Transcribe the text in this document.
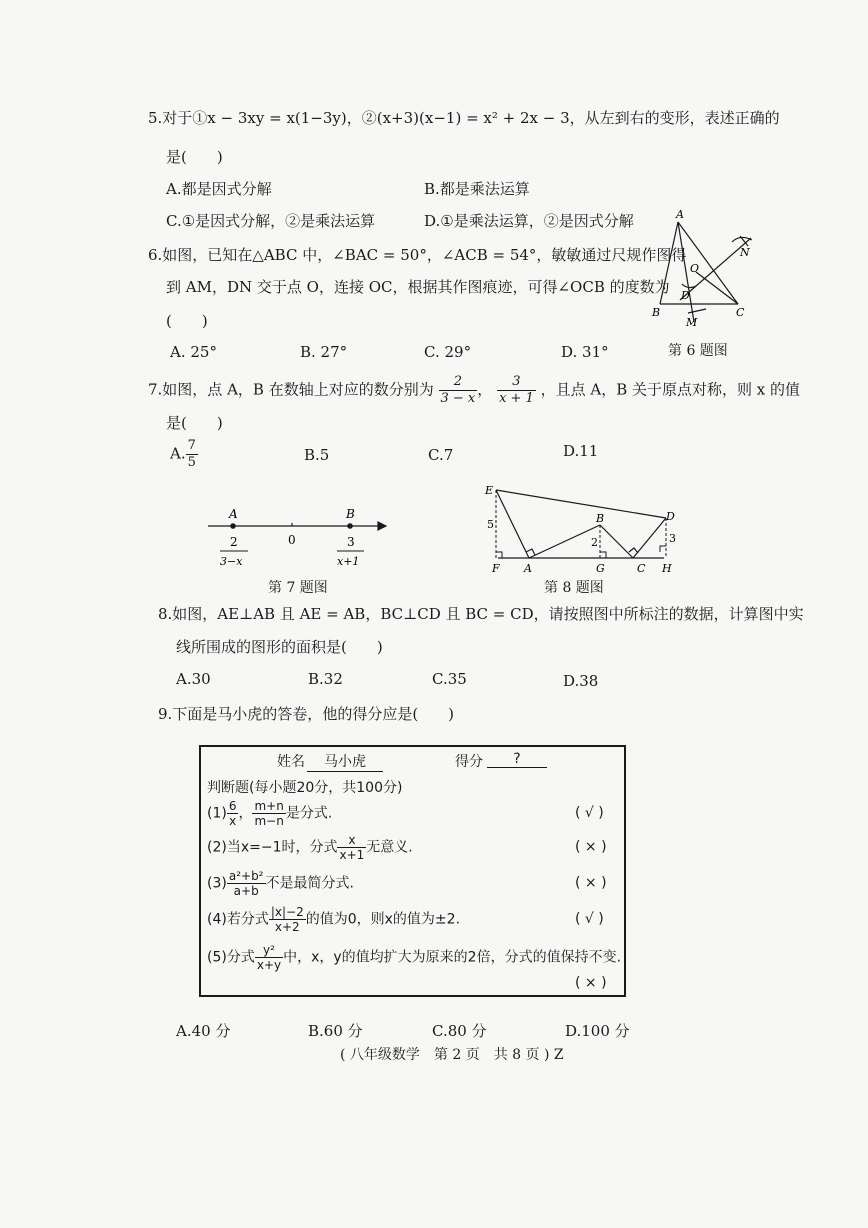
5.对于①x − 3xy = x(1−3y)，②(x+3)(x−1) = x² + 2x − 3，从左到右的变形，表述正确的
是(　　)
A.都是因式分解	B.都是乘法运算
C.①是因式分解，②是乘法运算	D.①是乘法运算，②是因式分解
6.如图，已知在△ABC 中，∠BAC = 50°，∠ACB = 54°，敏敏通过尺规作图得
到 AM，DN 交于点 O，连接 OC，根据其作图痕迹，可得∠OCB 的度数为
(　　)
A. 25°	B. 27°	C. 29°	D. 31°
A
B	C
D
O
M
N
第 6 题图
7.如图，点 A，B 在数轴上对应的数分别为 $\frac{2}{3 - x}$ ， $\frac{3}{x + 1}$ ，且点 A，B 关于原点对称，则 x 的值
是(　　)
A. $\frac{7}{5}$	B.5	C.7	D.11
A	B
0
2
3−x
3
x+1
第 7 题图
E
B	D
F A	G	C H
5
2	3
第 8 题图
8.如图，AE⊥AB 且 AE = AB，BC⊥CD 且 BC = CD，请按照图中所标注的数据，计算图中实
线所围成的图形的面积是(　　)
A.30	B.32	C.35	D.38
9.下面是马小虎的答卷，他的得分应是(　　)
姓名	马小虎	得分	?
判断题(每小题20分，共100分)
$(1) \frac{6}{x}$ ， $\frac{m+n}{m-n}$ 是分式.	( √ )
(2)当x=−1时，分式 $\frac{x}{x+1}$ 无意义.	( × )
$(3) \frac{\text{a²+b²}}{a+b}$ 不是最简分式.	( × )
(4)若分式 $\frac{|x|-2}{x+2}$ 的值为0，则x的值为±2.	( √ )
(5)分式 $\frac{\text{y²}}{x+y}$ 中，x，y的值均扩大为原来的2倍，分式的值保持不变.
( × )
A.40 分	B.60 分	C.80 分	D.100 分
( 八年级数学　第 2 页　共 8 页 ) Z
